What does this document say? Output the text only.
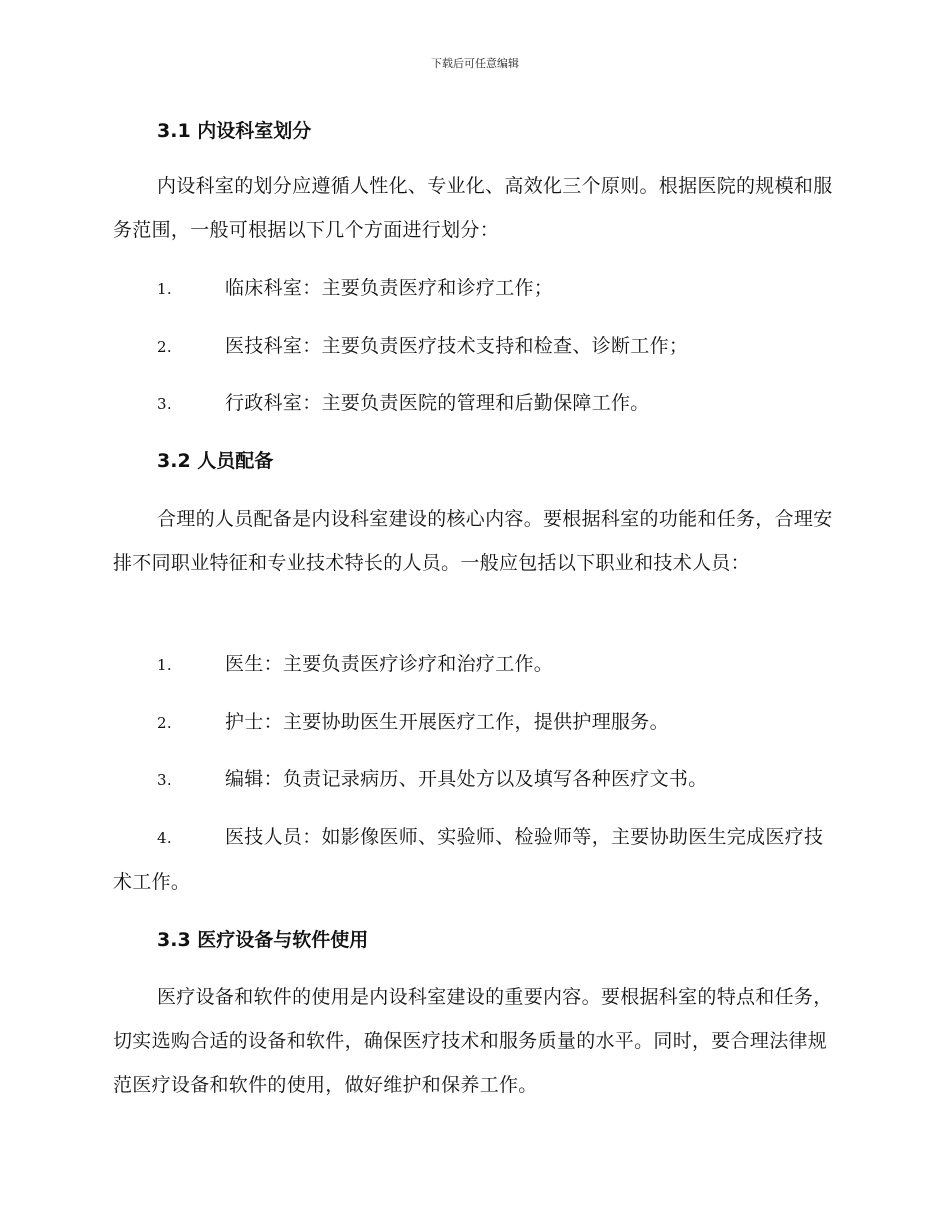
下载后可任意编辑
3.1 内设科室划分
内设科室的划分应遵循人性化、专业化、高效化三个原则。根据医院的规模和服务范围，一般可根据以下几个方面进行划分：
1.	临床科室：主要负责医疗和诊疗工作；
2.	医技科室：主要负责医疗技术支持和检查、诊断工作；
3.	行政科室：主要负责医院的管理和后勤保障工作。
3.2 人员配备
合理的人员配备是内设科室建设的核心内容。要根据科室的功能和任务，合理安排不同职业特征和专业技术特长的人员。一般应包括以下职业和技术人员：
1.	医生：主要负责医疗诊疗和治疗工作。
2.	护士：主要协助医生开展医疗工作，提供护理服务。
3.	编辑：负责记录病历、开具处方以及填写各种医疗文书。
4.	医技人员：如影像医师、实验师、检验师等，主要协助医生完成医疗技术工作。
3.3 医疗设备与软件使用
医疗设备和软件的使用是内设科室建设的重要内容。要根据科室的特点和任务，切实选购合适的设备和软件，确保医疗技术和服务质量的水平。同时，要合理法律规范医疗设备和软件的使用，做好维护和保养工作。
